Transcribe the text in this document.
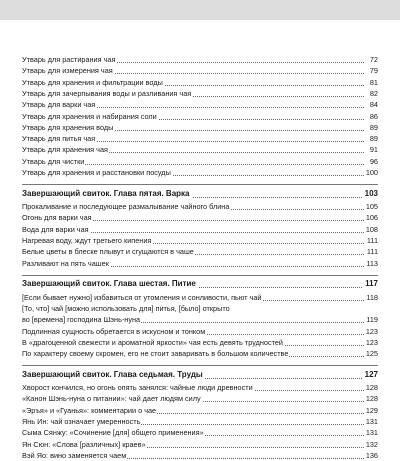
Утварь для растирания чая	72
Утварь для измерения чая	79
Утварь для хранения и фильтрации воды	81
Утварь для зачерпывания воды и разливания чая	82
Утварь для варки чая	84
Утварь для хранения и набирания соли	86
Утварь для хранения воды	89
Утварь для питья чая	89
Утварь для хранения чая	91
Утварь для чистки	96
Утварь для хранения и расстановки посуды	100
Завершающий свиток. Глава пятая. Варка	103
Прокаливание и последующее размалывание чайного блина	105
Огонь для варки чая	106
Вода для варки чая	108
Нагревая воду, ждут третьего кипения	111
Белые цветы в блеске плывут и сгущаются в чаше	111
Разливают на пять чашек	113
Завершающий свиток. Глава шестая. Питие	117
[Если бывает нужно] избавиться от утомления и сонливости, пьют чай	118
[То, что] чай [можно использовать для] питья, [было] открыто
во [времена] господина Шэнь-нуна	119
Подлинная сущность обретается в искусном и тонком	123
В «драгоценной свежести и ароматной яркости» чая есть девять трудностей	123
По характеру своему скромен, его не стоит заваривать в большом количестве	125
Завершающий свиток. Глава седьмая. Труды	127
Хворост кончился, но огонь опять занялся: чайные люди древности	128
«Канон Шэнь-нуна о питании»: чай дает людям силу	128
«Эръя» и «Гуанья»: комментарии о чае	129
Янь Ин: чай означает умеренность	131
Сыма Сянжу: «Сочинение [для] общего применения»	131
Ян Сюн: «Слова [различных] краев»	132
Вэй Яо: вино заменяется чаем	136
